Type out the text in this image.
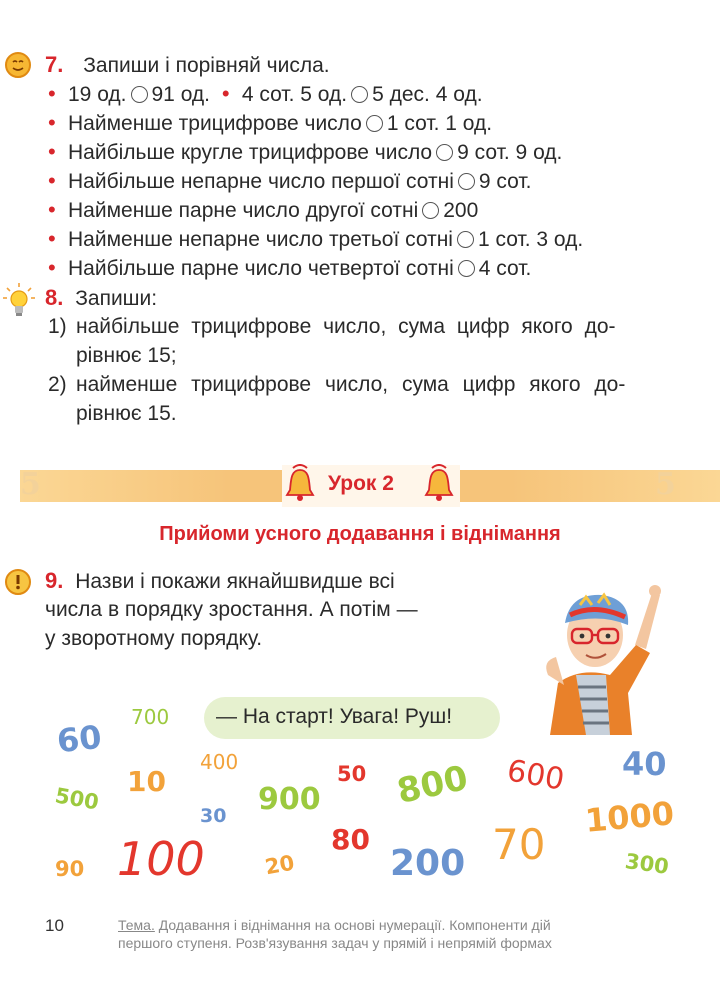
7. Запиши і порівняй числа.
• 19 од. 91 од. • 4 сот. 5 од. 5 дес. 4 од.
• Найменше трицифрове число 1 сот. 1 од.
• Найбільше кругле трицифрове число 9 сот. 9 од.
• Найбільше непарне число першої сотні 9 сот.
• Найменше парне число другої сотні 200
• Найменше непарне число третьої сотні 1 сот. 3 од.
• Найбільше парне число четвертої сотні 4 сот.
8. Запиши:
1) найбільше трицифрове число, сума цифр якого до-
рівнює 15;
2) найменше трицифрове число, сума цифр якого до-
рівнює 15.
5	5
Урок 2
Прийоми усного додавання і віднімання
9. Назви і покажи якнайшвидше всі
числа в порядку зростання. А потім —
у зворотному порядку.
— На старт! Увага! Руш!
700
60
400
10	50 800 600 40
500	900
30	1000
80	70
100	20	200
90	300
10	Тема. Додавання і віднімання на основі нумерації. Компоненти дій
першого ступеня. Розв'язування задач у прямій і непрямій формах
